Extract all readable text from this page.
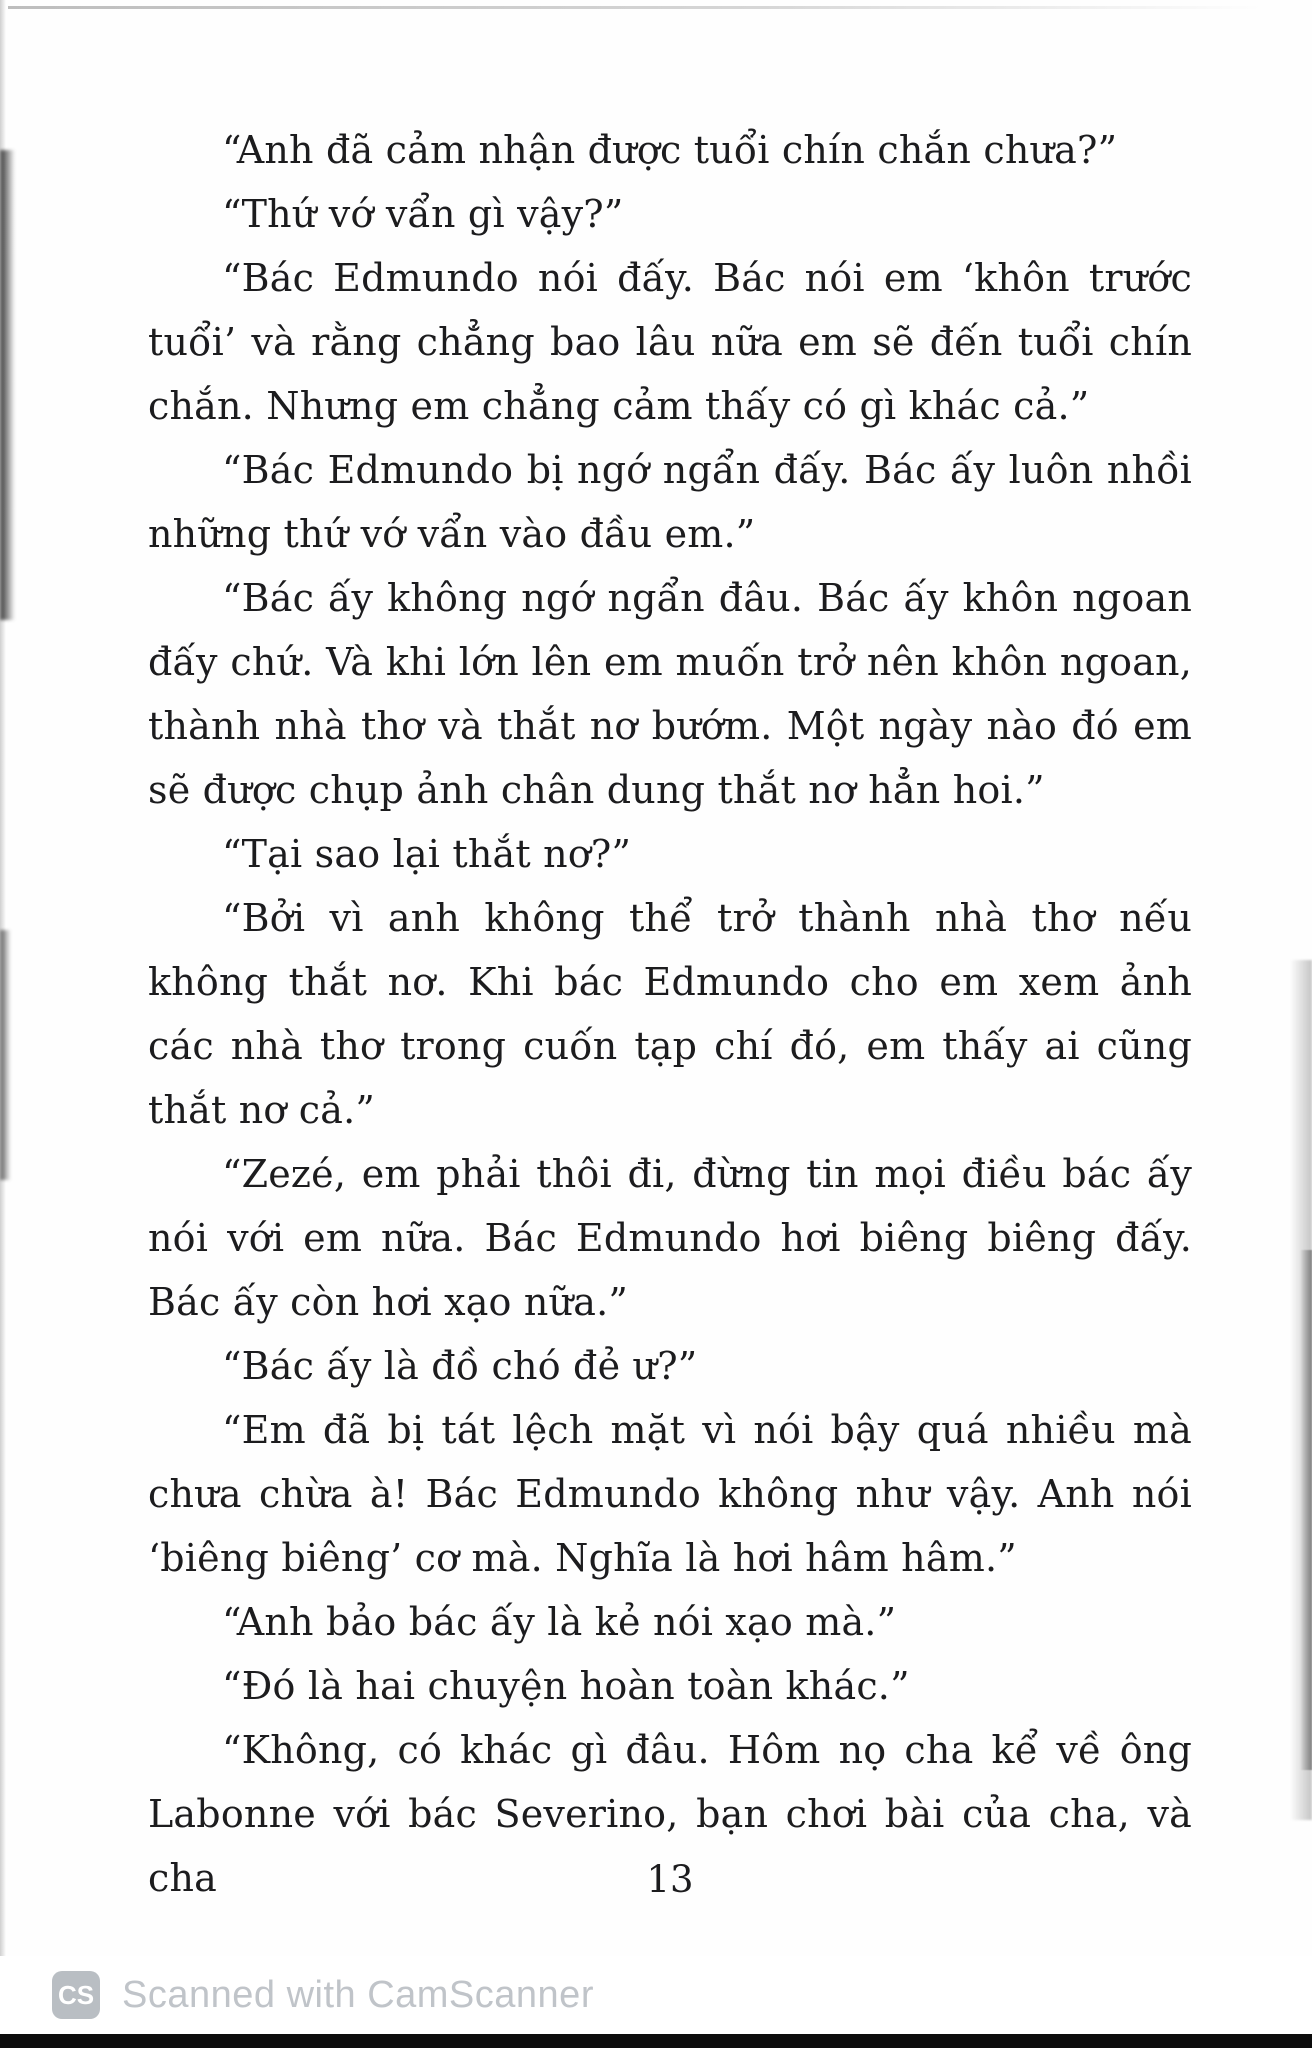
“Anh đã cảm nhận được tuổi chín chắn chưa?”

“Thứ vớ vẩn gì vậy?”

“Bác Edmundo nói đấy. Bác nói em ‘khôn trước tuổi’ và rằng chẳng bao lâu nữa em sẽ đến tuổi chín chắn. Nhưng em chẳng cảm thấy có gì khác cả.”

“Bác Edmundo bị ngớ ngẩn đấy. Bác ấy luôn nhồi những thứ vớ vẩn vào đầu em.”

“Bác ấy không ngớ ngẩn đâu. Bác ấy khôn ngoan đấy chứ. Và khi lớn lên em muốn trở nên khôn ngoan, thành nhà thơ và thắt nơ bướm. Một ngày nào đó em sẽ được chụp ảnh chân dung thắt nơ hẳn hoi.”

“Tại sao lại thắt nơ?”

“Bởi vì anh không thể trở thành nhà thơ nếu không thắt nơ. Khi bác Edmundo cho em xem ảnh các nhà thơ trong cuốn tạp chí đó, em thấy ai cũng thắt nơ cả.”

“Zezé, em phải thôi đi, đừng tin mọi điều bác ấy nói với em nữa. Bác Edmundo hơi biêng biêng đấy. Bác ấy còn hơi xạo nữa.”

“Bác ấy là đồ chó đẻ ư?”

“Em đã bị tát lệch mặt vì nói bậy quá nhiều mà chưa chừa à! Bác Edmundo không như vậy. Anh nói ‘biêng biêng’ cơ mà. Nghĩa là hơi hâm hâm.”

“Anh bảo bác ấy là kẻ nói xạo mà.”

“Đó là hai chuyện hoàn toàn khác.”

“Không, có khác gì đâu. Hôm nọ cha kể về ông Labonne với bác Severino, bạn chơi bài của cha, và cha	13
CS Scanned with CamScanner
